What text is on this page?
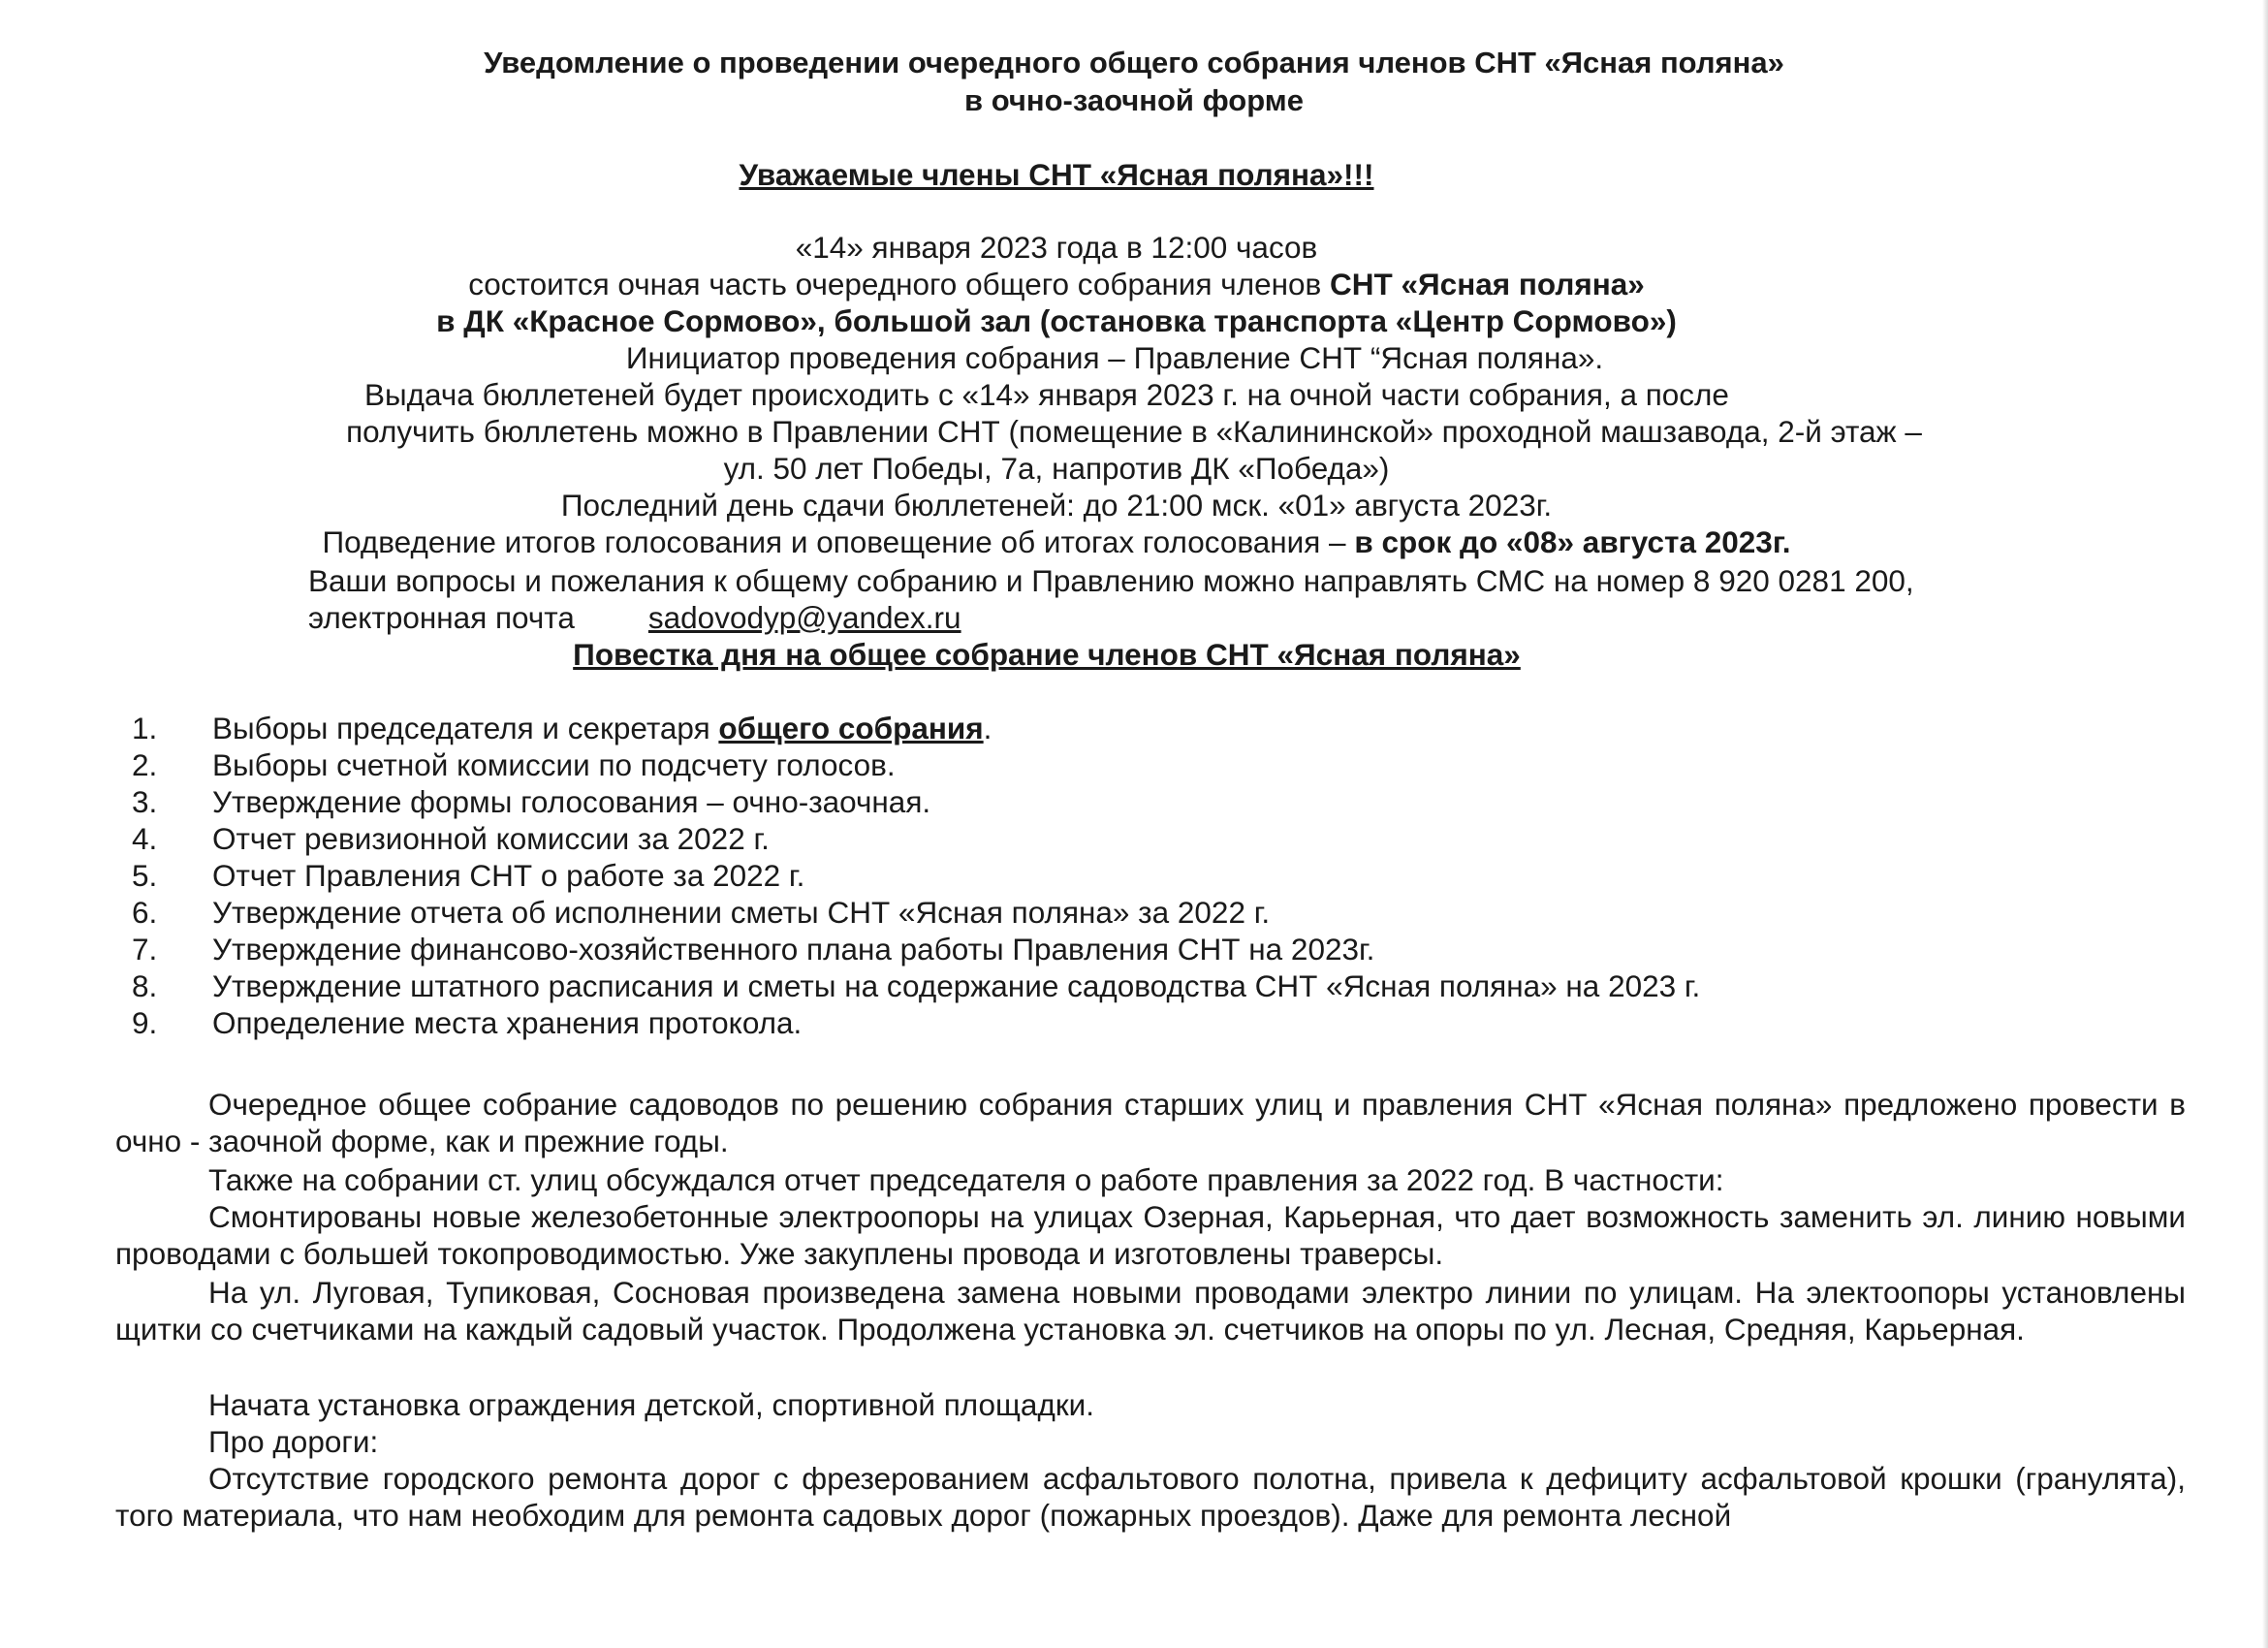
Уведомление о проведении очередного общего собрания членов СНТ «Ясная поляна»
в очно-заочной форме
Уважаемые члены СНТ «Ясная поляна»!!!
«14» января 2023 года в 12:00 часов
состоится очная часть очередного общего собрания членов СНТ «Ясная поляна»
в ДК «Красное Сормово», большой зал (остановка транспорта «Центр Сормово»)
Инициатор проведения собрания – Правление СНТ “Ясная поляна».
Выдача бюллетеней будет происходить с «14» января 2023 г. на очной части собрания, а после
получить бюллетень можно в Правлении СНТ (помещение в «Калининской» проходной машзавода, 2-й этаж –
ул. 50 лет Победы, 7а, напротив ДК «Победа»)
Последний день сдачи бюллетеней: до 21:00 мск. «01» августа 2023г.
Подведение итогов голосования и оповещение об итогах голосования – в срок до «08» августа 2023г.
Ваши вопросы и пожелания к общему собранию и Правлению можно направлять СМС на номер 8 920 0281 200,
электронная почта sadovodyp@yandex.ru
Повестка дня на общее собрание членов СНТ «Ясная поляна»
1. Выборы председателя и секретаря общего собрания.
2. Выборы счетной комиссии по подсчету голосов.
3. Утверждение формы голосования – очно-заочная.
4. Отчет ревизионной комиссии за 2022 г.
5. Отчет Правления СНТ о работе за 2022 г.
6. Утверждение отчета об исполнении сметы СНТ «Ясная поляна» за 2022 г.
7. Утверждение финансово-хозяйственного плана работы Правления СНТ на 2023г.
8. Утверждение штатного расписания и сметы на содержание садоводства СНТ «Ясная поляна» на 2023 г.
9. Определение места хранения протокола.
Очередное общее собрание садоводов по решению собрания старших улиц и правления СНТ «Ясная поляна» предложено провести в очно - заочной форме, как и прежние годы.
Также на собрании ст. улиц обсуждался отчет председателя о работе правления за 2022 год. В частности:
Смонтированы новые железобетонные электроопоры на улицах Озерная, Карьерная, что дает возможность заменить эл. линию новыми проводами с большей токопроводимостью. Уже закуплены провода и изготовлены траверсы.
На ул. Луговая, Тупиковая, Сосновая произведена замена новыми проводами электро линии по улицам. На электоопоры установлены щитки со счетчиками на каждый садовый участок. Продолжена установка эл. счетчиков на опоры по ул. Лесная, Средняя, Карьерная.
Начата установка ограждения детской, спортивной площадки.
Про дороги:
Отсутствие городского ремонта дорог с фрезерованием асфальтового полотна, привела к дефициту асфальтовой крошки (гранулята), того материала, что нам необходим для ремонта садовых дорог (пожарных проездов). Даже для ремонта лесной
